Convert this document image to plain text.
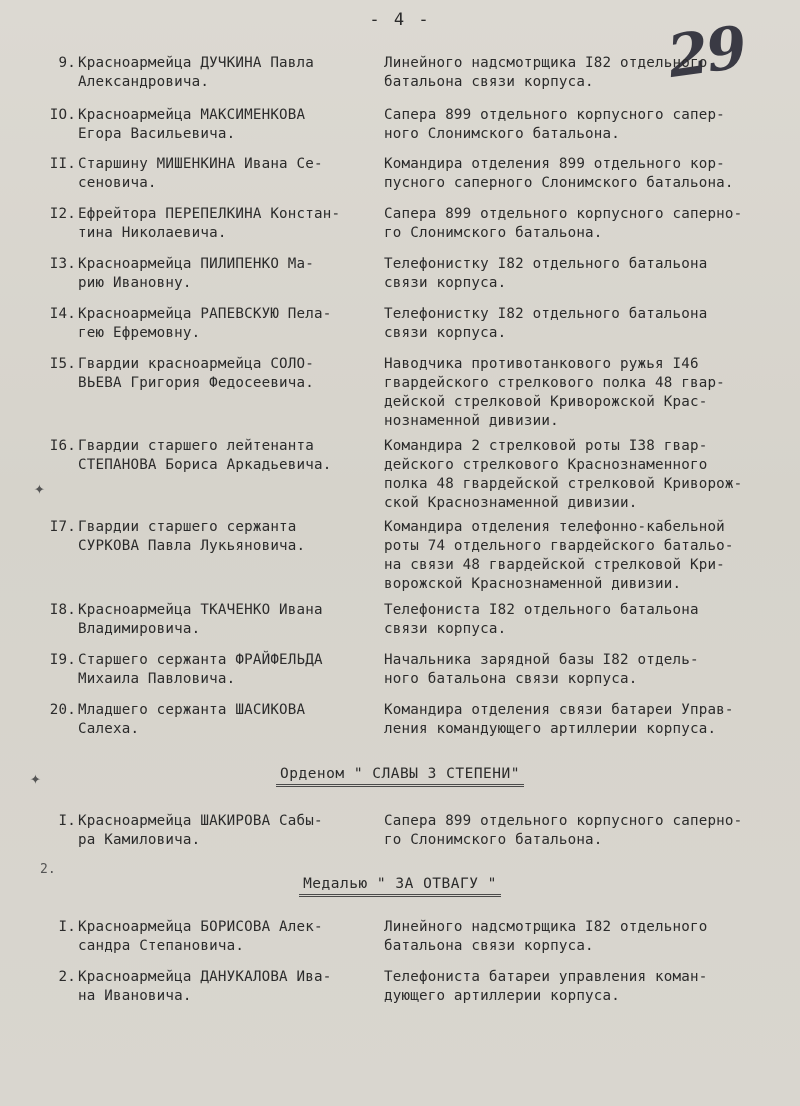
- 4 -	29
9. Красноармейца ДУЧКИНА Павла
Александровича.
Линейного надсмотрщика I82 отдельного
батальона связи корпуса.
IO. Красноармейца МАКСИМЕНКОВА
Егора Васильевича.
Сапера 899 отдельного корпусного сапер-
ного Слонимского батальона.
II. Старшину МИШЕНКИНА Ивана Се-
сеновича.
Командира отделения 899 отдельного кор-
пусного саперного Слонимского батальона.
I2. Ефрейтора ПЕРЕПЕЛКИНА Констан-
тина Николаевича.
Сапера 899 отдельного корпусного саперно-
го Слонимского батальона.
I3. Красноармейца ПИЛИПЕНКО Ма-
рию Ивановну.
Телефонистку I82 отдельного батальона
связи корпуса.
I4. Красноармейца РАПЕВСКУЮ Пела-
гею Ефремовну.
Телефонистку I82 отдельного батальона
связи корпуса.
I5. Гвардии красноармейца СОЛО-
ВЬЕВА Григория Федосеевича.
Наводчика противотанкового ружья I46
гвардейского стрелкового полка 48 гвар-
дейской стрелковой Криворожской Крас-
нознаменной дивизии.
I6. Гвардии старшего лейтенанта
СТЕПАНОВА Бориса Аркадьевича.
Командира 2 стрелковой роты I38 гвар-
дейского стрелкового Краснознаменного
полка 48 гвардейской стрелковой Криворож-
ской Краснознаменной дивизии.
I7. Гвардии старшего сержанта
СУРКОВА Павла Лукьяновича.
Командира отделения телефонно-кабельной
роты 74 отдельного гвардейского батальо-
на связи 48 гвардейской стрелковой Кри-
ворожской Краснознаменной дивизии.
I8. Красноармейца ТКАЧЕНКО Ивана
Владимировича.
Телефониста I82 отдельного батальона
связи корпуса.
I9. Старшего сержанта ФРАЙФЕЛЬДА
Михаила Павловича.
Начальника зарядной базы I82 отдель-
ного батальона связи корпуса.
20. Младшего сержанта ШАСИКОВА
Салеха.
Командира отделения связи батареи Управ-
ления командующего артиллерии корпуса.
✦
✦
Орденом " СЛАВЫ 3 СТЕПЕНИ"
I. Красноармейца ШАКИРОВА Сабы-
ра Камиловича.
Сапера 899 отдельного корпусного саперно-
го Слонимского батальона.
2.
Медалью " ЗА ОТВАГУ "
I. Красноармейца БОРИСОВА Алек-
сандра Степановича.
Линейного надсмотрщика I82 отдельного
батальона связи корпуса.
2. Красноармейца ДАНУКАЛОВА Ива-
на Ивановича.
Телефониста батареи управления коман-
дующего артиллерии корпуса.
